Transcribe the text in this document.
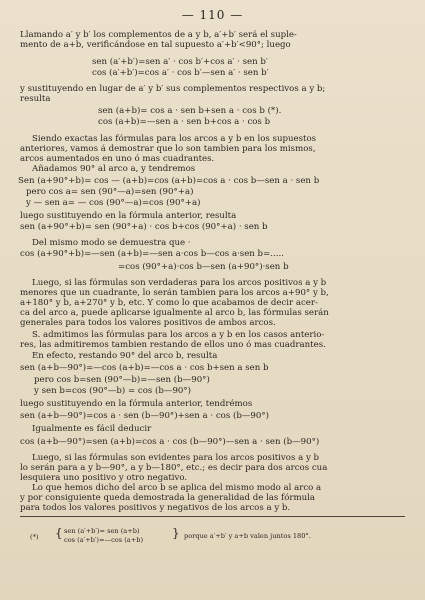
— 110 —
Llamando a′ y b′ los complementos de a y b, a′+b′ será el suple-
mento de a+b, verificándose en tal supuesto a′+b′<90°; luego
sen (a′+b′)=sen a′ · cos b′+cos a′ · sen b′
cos (a′+b′)=cos a′ · cos b′—sen a′ · sen b′
y sustituyendo en lugar de a′ y b′ sus complementos respectivos a y b;
resulta
sen (a+b)= cos a · sen b+sen a · cos b (*).
cos (a+b)=—sen a · sen b+cos a · cos b
Siendo exactas las fórmulas para los arcos a y b en los supuestos
anteriores, vamos á demostrar que lo son tambien para los mismos,
arcos aumentados en uno ó mas cuadrantes.
Añadamos 90° al arco a, y tendremos
Sen (a+90°+b)= cos — (a+b)=cos (a+b)=cos a · cos b—sen a · sen b
pero cos a= sen (90°—a)=sen (90°+a)
y — sen a= — cos (90°—a)=cos (90°+a)
luego sustituyendo en la fórmula anterior, resulta
sen (a+90°+b)= sen (90°+a) · cos b+cos (90°+a) · sen b
Del mismo modo se demuestra que ·
cos (a+90°+b)=—sen (a+b)=—sen a·cos b—cos a·sen b=.....
=cos (90°+a)·cos b—sen (a+90°)·sen b
Luego, si las fórmulas son verdaderas para los arcos positivos a y b
menores que un cuadrante, lo serán tambien para los arcos a+90° y b,
a+180° y b, a+270° y b, etc. Y como lo que acabamos de decir acer-
ca del arco a, puede aplicarse igualmente al arco b, las fórmulas serán
generales para todos los valores positivos de ambos arcos.
S. admitimos las fórmulas para los arcos a y b en los casos anterio-
res, las admitiremos tambien restando de ellos uno ó mas cuadrantes.
En efecto, restando 90° del arco b, resulta
sen (a+b—90°)=—cos (a+b)=—cos a · cos b+sen a sen b
pero cos b=sen (90°—b)=—sen (b—90°)
y sen b=cos (90°—b) = cos (b—90°)
luego sustituyendo en la fórmula anterior, tendrémos
sen (a+b—90°)=cos a · sen (b—90°)+sen a · cos (b—90°)
Igualmente es fácil deducir
cos (a+b—90°)=sen (a+b)=cos a · cos (b—90°)—sen a · sen (b—90°)
Luego, si las fórmulas son evidentes para los arcos positivos a y b
lo serán para a y b—90°, a y b—180°, etc.; es decir para dos arcos cua
lesquiera uno positivo y otro negativo.
Lo que hemos dicho del arco b se aplica del mismo modo al arco a
y por consiguiente queda demostrada la generalidad de las fórmula
para todos los valores positivos y negativos de los arcos a y b.
(*) { sen (a′+b′)= sen (a+b)
cos (a′+b′)=—cos (a+b) } porque a′+b′ y a+b valen juntos 180°.
